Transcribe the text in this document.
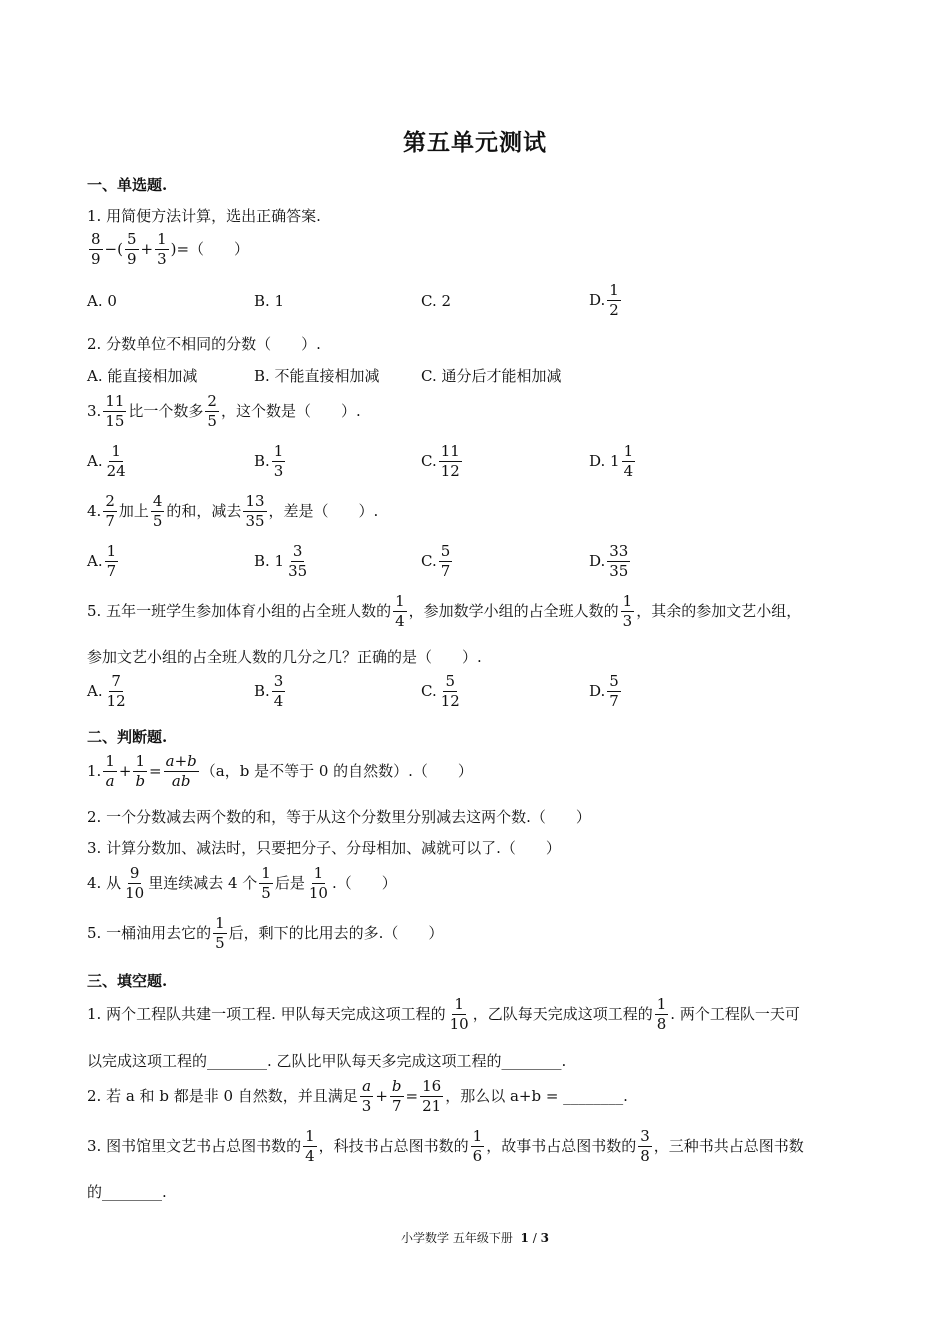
第五单元测试
一、单选题.
1. 用简便方法计算，选出正确答案.
$\frac{8}{9}$ −( $\frac{5}{9} + \frac{1}{3}$ )=（　　）
A. 0	B. 1	C. 2	D. $\frac{1}{2}$
2. 分数单位不相同的分数（　　）.
A. 能直接相加减	B. 不能直接相加减	C. 通分后才能相加减
3. $\frac{11}{15}$ 比一个数多 $\frac{2}{5}$ ，这个数是（　　）.
A. $\frac{1}{24}$	B. $\frac{1}{3}$	C. $\frac{11}{12}$	D. $1 \frac{1}{4}$
4. $\frac{2}{7}$ 加上 $\frac{4}{5}$ 的和，减去 $\frac{13}{35}$ ，差是（　　）.
A. $\frac{1}{7}$	B. $1 \frac{3}{35}$	C. $\frac{5}{7}$	D. $\frac{33}{35}$
5. 五年一班学生参加体育小组的占全班人数的 $\frac{1}{4}$ ，参加数学小组的占全班人数的 $\frac{1}{3}$ ，其余的参加文艺小组，
参加文艺小组的占全班人数的几分之几？正确的是（　　）.
A. $\frac{7}{12}$	B. $\frac{3}{4}$	C. $\frac{5}{12}$	D. $\frac{5}{7}$
二、判断题.
1. $\frac{1}{a} + \frac{1}{b} = \frac{a+b}{ab} (a$，b 是不等于 0 的自然数）.（　　）
2. 一个分数减去两个数的和，等于从这个分数里分别减去这两个数.（　　）
3. 计算分数加、减法时，只要把分子、分母相加、减就可以了.（　　）
4. 从 $\frac{9}{10}$ 里连续减去 4 个 $\frac{1}{5}$ 后是 $\frac{1}{10}$ .（　　）
5. 一桶油用去它的 $\frac{1}{5}$ 后，剩下的比用去的多.（　　）
三、填空题.
1. 两个工程队共建一项工程. 甲队每天完成这项工程的 $\frac{1}{10}$ ，乙队每天完成这项工程的 $\frac{1}{8}$ . 两个工程队一天可
以完成这项工程的________. 乙队比甲队每天多完成这项工程的________.
2. 若 a 和 b 都是非 0 自然数，并且满足 $\frac{a}{3} + \frac{b}{7} = \frac{16}{21}$ ，那么以 a+b = ________.
3. 图书馆里文艺书占总图书数的 $\frac{1}{4}$ ，科技书占总图书数的 $\frac{1}{6}$ ，故事书占总图书数的 $\frac{3}{8}$ ，三种书共占总图书数
的________.
小学数学 五年级下册 1 / 3
